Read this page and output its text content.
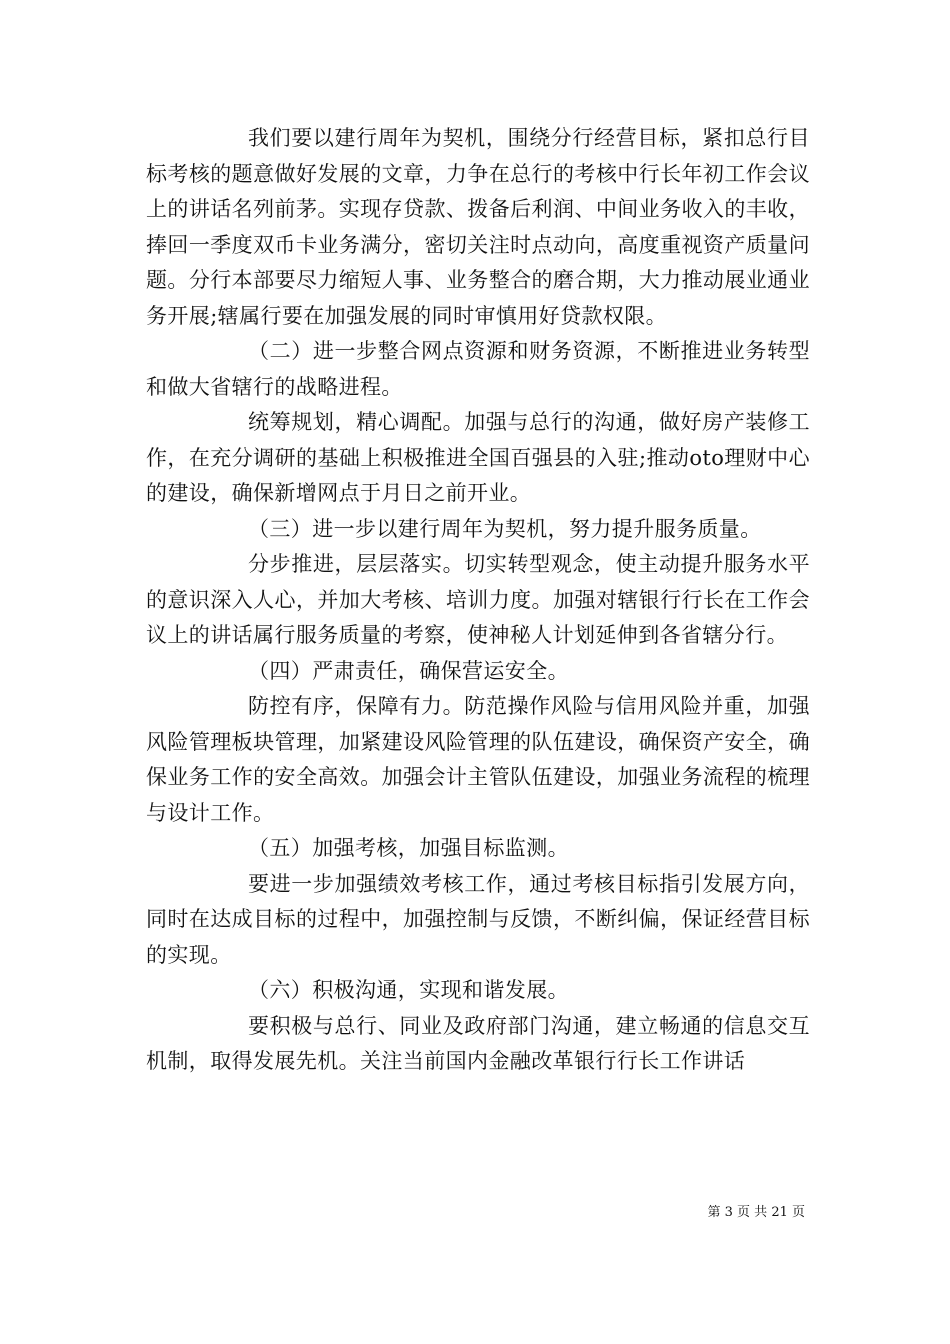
我们要以建行周年为契机，围绕分行经营目标，紧扣总行目标考核的题意做好发展的文章，力争在总行的考核中行长年初工作会议上的讲话名列前茅。实现存贷款、拨备后利润、中间业务收入的丰收，捧回一季度双币卡业务满分，密切关注时点动向，高度重视资产质量问题。分行本部要尽力缩短人事、业务整合的磨合期，大力推动展业通业务开展;辖属行要在加强发展的同时审慎用好贷款权限。

（二）进一步整合网点资源和财务资源，不断推进业务转型和做大省辖行的战略进程。

统筹规划，精心调配。加强与总行的沟通，做好房产装修工作，在充分调研的基础上积极推进全国百强县的入驻;推动oto理财中心的建设，确保新增网点于月日之前开业。

（三）进一步以建行周年为契机，努力提升服务质量。

分步推进，层层落实。切实转型观念，使主动提升服务水平的意识深入人心，并加大考核、培训力度。加强对辖银行行长在工作会议上的讲话属行服务质量的考察，使神秘人计划延伸到各省辖分行。

（四）严肃责任，确保营运安全。

防控有序，保障有力。防范操作风险与信用风险并重，加强风险管理板块管理，加紧建设风险管理的队伍建设，确保资产安全，确保业务工作的安全高效。加强会计主管队伍建设，加强业务流程的梳理与设计工作。

（五）加强考核，加强目标监测。

要进一步加强绩效考核工作，通过考核目标指引发展方向，同时在达成目标的过程中，加强控制与反馈，不断纠偏，保证经营目标的实现。

（六）积极沟通，实现和谐发展。

要积极与总行、同业及政府部门沟通，建立畅通的信息交互机制，取得发展先机。关注当前国内金融改革银行行长工作讲话

第 3 页 共 21 页
